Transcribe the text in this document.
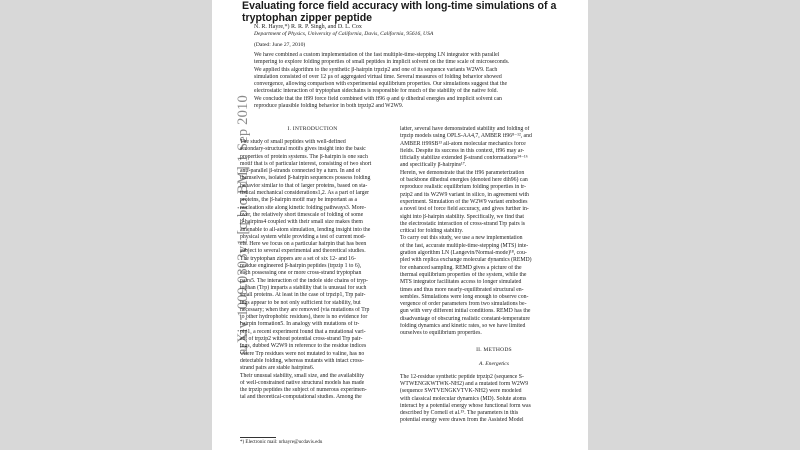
arXiv:1009.0303v1 [q-bio.BM] 1 Sep 2010
Evaluating force field accuracy with long-time simulations of a
tryptophan zipper peptide
N. R. Hayre,*) R. R. P. Singh, and D. L. Cox
Department of Physics, University of California, Davis, California, 95616, USA
(Dated: June 27, 2010)
We have combined a custom implementation of the fast multiple-time-stepping LN integrator with parallel
tempering to explore folding properties of small peptides in implicit solvent on the time scale of microseconds.
We applied this algorithm to the synthetic β-hairpin trpzip2 and one of its sequence variants W2W9. Each
simulation consisted of over 12 μs of aggregated virtual time. Several measures of folding behavior showed
convergence, allowing comparison with experimental equilibrium properties. Our simulations suggest that the
electrostatic interaction of tryptophan sidechains is responsible for much of the stability of the native fold.
We conclude that the ff99 force field combined with ff96 φ and ψ dihedral energies and implicit solvent can
reproduce plausible folding behavior in both trpzip2 and W2W9.
I. INTRODUCTION
The study of small peptides with well-defined
secondary-structural motifs gives insight into the basic
properties of protein systems. The β-hairpin is one such
motif that is of particular interest, consisting of two short
anti-parallel β-strands connected by a turn. In and of
themselves, isolated β-hairpin sequences possess folding
behavior similar to that of larger proteins, based on sta-
tistical mechanical considerations1,2. As a part of larger
proteins, the β-hairpin motif may be important as a
nucleation site along kinetic folding pathways3. More-
over, the relatively short timescale of folding of some
β-hairpins4 coupled with their small size makes them
amenable to all-atom simulation, lending insight into the
physical system while providing a test of current mod-
els. Here we focus on a particular hairpin that has been
subject to several experimental and theoretical studies.
The tryptophan zippers are a set of six 12- and 16-
residue engineered β-hairpin peptides (trpzip 1 to 6),
each possessing one or more cross-strand tryptophan
pairs5. The interaction of the indole side chains of tryp-
tophan (Trp) imparts a stability that is unusual for such
small proteins. At least in the case of trpzip1, Trp pair-
ings appear to be not only sufficient for stability, but
necessary; when they are removed (via mutations of Trp
to other hydrophobic residues), there is no evidence for
hairpin formation5. In analogy with mutations of tr-
pip1, a recent experiment found that a mutational vari-
ant of trpzip2 without potential cross-strand Trp pair-
ings, dubbed W2W9 in reference to the residue indices
where Trp residues were not mutated to valine, has no
detectable folding, whereas mutants with intact cross-
strand pairs are stable hairpins6.
Their unusual stability, small size, and the availability
of well-constrained native structural models has made
the trpzip peptides the subject of numerous experimen-
tal and theoretical-computational studies. Among the
latter, several have demonstrated stability and folding of
trpzip models using OPLS-AA4,7, AMBER ff96⁸⁻¹², and
AMBER ff99SB¹³ all-atom molecular mechanics force
fields. Despite its success in this context, ff96 may ar-
tificially stabilize extended β-strand conformations¹⁴⁻¹⁶
and specifically β-hairpins¹⁷.
Herein, we demonstrate that the ff96 parameterization
of backbone dihedral energies (denoted here dih96) can
reproduce realistic equilibrium folding properties in tr-
pzip2 and its W2W9 variant in silico, in agreement with
experiment. Simulation of the W2W9 variant embodies
a novel test of force field accuracy, and gives further in-
sight into β-hairpin stability. Specifically, we find that
the electrostatic interaction of cross-strand Trp pairs is
critical for folding stability.
To carry out this study, we use a new implementation
of the fast, accurate multiple-time-stepping (MTS) inte-
gration algorithm LN (Langevin/Normal-mode)¹⁸, cou-
pled with replica exchange molecular dynamics (REMD)
for enhanced sampling. REMD gives a picture of the
thermal equilibrium properties of the system, while the
MTS integrator facilitates access to longer simulated
times and thus more nearly-equilibrated structural en-
sembles. Simulations were long enough to observe con-
vergence of order parameters from two simulations be-
gun with very different initial conditions. REMD has the
disadvantage of obscuring realistic constant-temperature
folding dynamics and kinetic rates, so we have limited
ourselves to equilibrium properties.
II. METHODS
A. Energetics
The 12-residue synthetic peptide trpzip2 (sequence S-
WTWENGKWTWK-NH2) and a mutated form W2W9
(sequence SWTVENGKVTVK-NH2) were modeled
with classical molecular dynamics (MD). Solute atoms
interact by a potential energy whose functional form was
described by Cornell et al.¹⁹. The parameters in this
potential energy were drawn from the Assisted Model
*) Electronic mail: nrhayre@ucdavis.edu
